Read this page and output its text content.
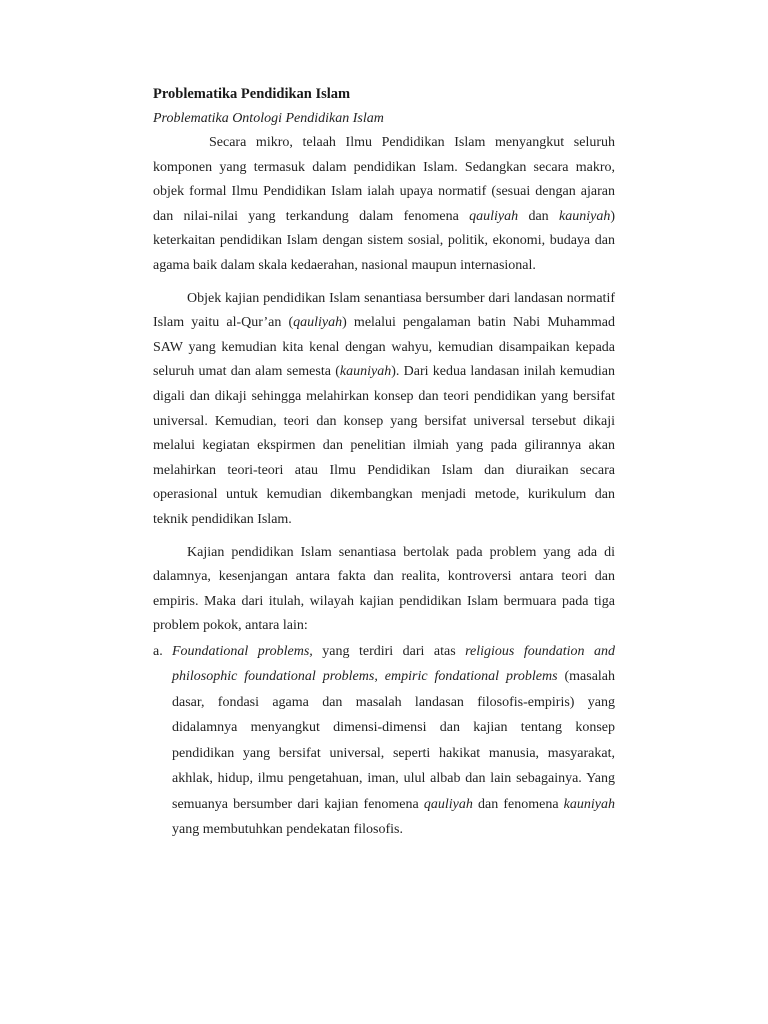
Problematika Pendidikan Islam

Problematika Ontologi Pendidikan Islam

Secara mikro, telaah Ilmu Pendidikan Islam menyangkut seluruh komponen yang termasuk dalam pendidikan Islam. Sedangkan secara makro, objek formal Ilmu Pendidikan Islam ialah upaya normatif (sesuai dengan ajaran dan nilai-nilai yang terkandung dalam fenomena qauliyah dan kauniyah) keterkaitan pendidikan Islam dengan sistem sosial, politik, ekonomi, budaya dan agama baik dalam skala kedaerahan, nasional maupun internasional.

Objek kajian pendidikan Islam senantiasa bersumber dari landasan normatif Islam yaitu al-Qur’an (qauliyah) melalui pengalaman batin Nabi Muhammad SAW yang kemudian kita kenal dengan wahyu, kemudian disampaikan kepada seluruh umat dan alam semesta (kauniyah). Dari kedua landasan inilah kemudian digali dan dikaji sehingga melahirkan konsep dan teori pendidikan yang bersifat universal. Kemudian, teori dan konsep yang bersifat universal tersebut dikaji melalui kegiatan ekspirmen dan penelitian ilmiah yang pada gilirannya akan melahirkan teori-teori atau Ilmu Pendidikan Islam dan diuraikan secara operasional untuk kemudian dikembangkan menjadi metode, kurikulum dan teknik pendidikan Islam.

Kajian pendidikan Islam senantiasa bertolak pada problem yang ada di dalamnya, kesenjangan antara fakta dan realita, kontroversi antara teori dan empiris. Maka dari itulah, wilayah kajian pendidikan Islam bermuara pada tiga problem pokok, antara lain:

a. Foundational problems, yang terdiri dari atas religious foundation and philosophic foundational problems, empiric fondational problems (masalah dasar, fondasi agama dan masalah landasan filosofis-empiris) yang didalamnya menyangkut dimensi-dimensi dan kajian tentang konsep pendidikan yang bersifat universal, seperti hakikat manusia, masyarakat, akhlak, hidup, ilmu pengetahuan, iman, ulul albab dan lain sebagainya. Yang semuanya bersumber dari kajian fenomena qauliyah dan fenomena kauniyah yang membutuhkan pendekatan filosofis.
